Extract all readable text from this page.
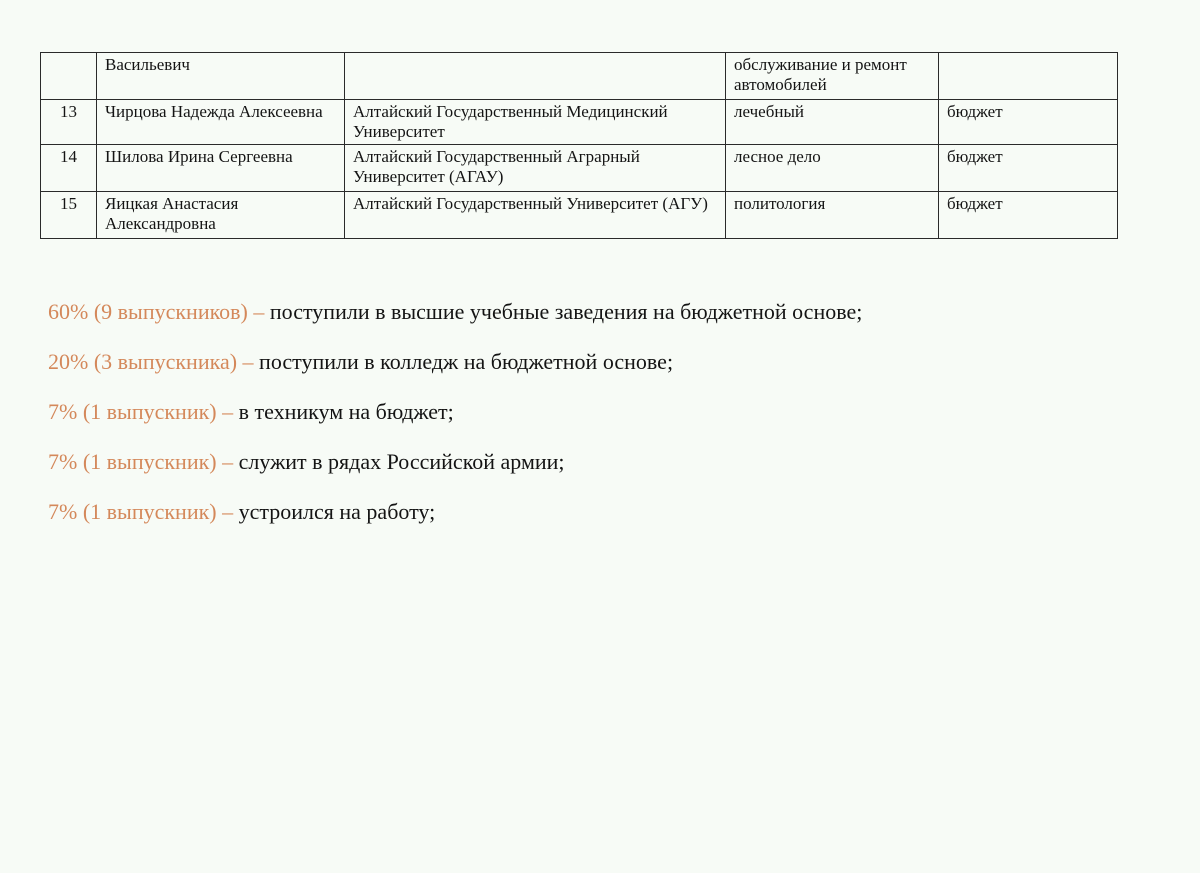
	Васильевич		обслуживание и ремонт автомобилей	
13	Чирцова Надежда Алексеевна	Алтайский Государственный Медицинский Университет	лечебный	бюджет
14	Шилова Ирина Сергеевна	Алтайский Государственный Аграрный Университет (АГАУ)	лесное дело	бюджет
15	Яицкая Анастасия Александровна	Алтайский Государственный Университет (АГУ)	политология	бюджет
60% (9 выпускников) – поступили в высшие учебные заведения на бюджетной основе;
20% (3 выпускника) – поступили в колледж на бюджетной основе;
7% (1 выпускник) – в техникум на бюджет;
7% (1 выпускник) – служит в рядах Российской армии;
7% (1 выпускник) – устроился на работу;
